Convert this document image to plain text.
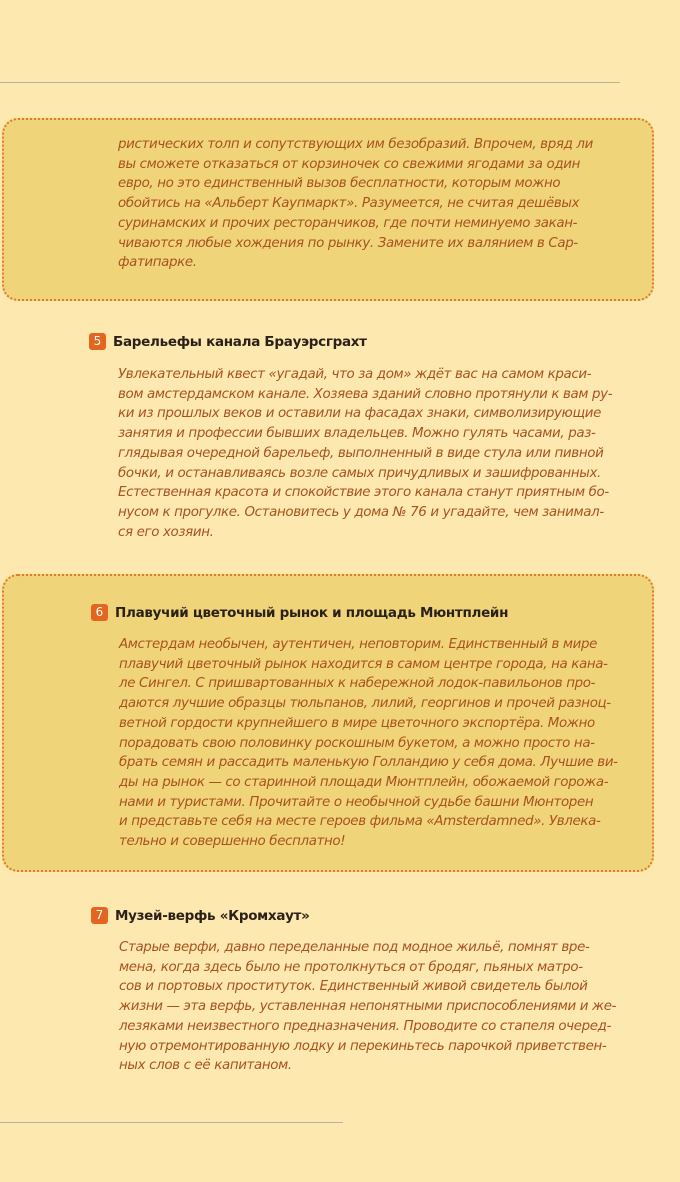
ристических толп и сопутствующих им безобразий. Впрочем, вряд ли
вы сможете отказаться от корзиночек со свежими ягодами за один
евро, но это единственный вызов бесплатности, которым можно
обойтись на «Альберт Каупмаркт». Разумеется, не считая дешёвых
суринамских и прочих ресторанчиков, где почти неминуемо закан-
чиваются любые хождения по рынку. Замените их валянием в Сар-
фатипарке.

5 Барельефы канала Брауэрсграхт

Увлекательный квест «угадай, что за дом» ждёт вас на самом краси-
вом амстердамском канале. Хозяева зданий словно протянули к вам ру-
ки из прошлых веков и оставили на фасадах знаки, символизирующие
занятия и профессии бывших владельцев. Можно гулять часами, раз-
глядывая очередной барельеф, выполненный в виде стула или пивной
бочки, и останавливаясь возле самых причудливых и зашифрованных.
Естественная красота и спокойствие этого канала станут приятным бо-
нусом к прогулке. Остановитесь у дома № 76 и угадайте, чем занимал-
ся его хозяин.

6 Плавучий цветочный рынок и площадь Мюнтплейн

Амстердам необычен, аутентичен, неповторим. Единственный в мире
плавучий цветочный рынок находится в самом центре города, на кана-
ле Сингел. С пришвартованных к набережной лодок-павильонов про-
даются лучшие образцы тюльпанов, лилий, георгинов и прочей разноц-
ветной гордости крупнейшего в мире цветочного экспортёра. Можно
порадовать свою половинку роскошным букетом, а можно просто на-
брать семян и рассадить маленькую Голландию у себя дома. Лучшие ви-
ды на рынок — со старинной площади Мюнтплейн, обожаемой горожа-
нами и туристами. Прочитайте о необычной судьбе башни Мюнторен
и представьте себя на месте героев фильма «Amsterdamned». Увлека-
тельно и совершенно бесплатно!

7 Музей-верфь «Кромхаут»

Старые верфи, давно переделанные под модное жильё, помнят вре-
мена, когда здесь было не протолкнуться от бродяг, пьяных матро-
сов и портовых проституток. Единственный живой свидетель былой
жизни — эта верфь, уставленная непонятными приспособлениями и же-
лезяками неизвестного предназначения. Проводите со стапеля очеред-
ную отремонтированную лодку и перекиньтесь парочкой приветствен-
ных слов с её капитаном.
